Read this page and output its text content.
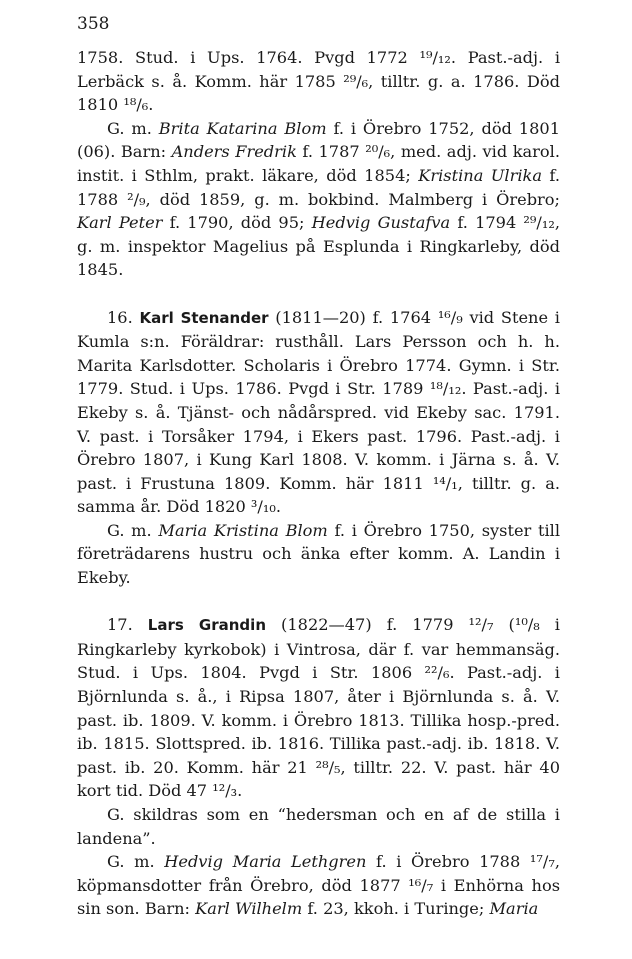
358

1758. Stud. i Ups. 1764. Pvgd 1772 ¹⁹/₁₂. Past.-adj. i Lerbäck s. å. Komm. här 1785 ²⁹/₆, tilltr. g. a. 1786. Död 1810 ¹⁸/₆.

G. m. Brita Katarina Blom f. i Örebro 1752, död 1801 (06). Barn: Anders Fredrik f. 1787 ²⁰/₆, med. adj. vid karol. instit. i Sthlm, prakt. läkare, död 1854; Kristina Ulrika f. 1788 ²/₉, död 1859, g. m. bokbind. Malmberg i Örebro; Karl Peter f. 1790, död 95; Hedvig Gustafva f. 1794 ²⁹/₁₂, g. m. inspektor Magelius på Esplunda i Ringkarleby, död 1845.

16. Karl Stenander (1811—20) f. 1764 ¹⁶/₉ vid Stene i Kumla s:n. Föräldrar: rusthåll. Lars Persson och h. h. Marita Karlsdotter. Scholaris i Örebro 1774. Gymn. i Str. 1779. Stud. i Ups. 1786. Pvgd i Str. 1789 ¹⁸/₁₂. Past.-adj. i Ekeby s. å. Tjänst- och nådårspred. vid Ekeby sac. 1791. V. past. i Torsåker 1794, i Ekers past. 1796. Past.-adj. i Örebro 1807, i Kung Karl 1808. V. komm. i Järna s. å. V. past. i Frustuna 1809. Komm. här 1811 ¹⁴/₁, tilltr. g. a. samma år. Död 1820 ³/₁₀.

G. m. Maria Kristina Blom f. i Örebro 1750, syster till företrädarens hustru och änka efter komm. A. Landin i Ekeby.

17. Lars Grandin (1822—47) f. 1779 ¹²/₇ (¹⁰/₈ i Ringkarleby kyrkobok) i Vintrosa, där f. var hemmansäg. Stud. i Ups. 1804. Pvgd i Str. 1806 ²²/₆. Past.-adj. i Björnlunda s. å., i Ripsa 1807, åter i Björnlunda s. å. V. past. ib. 1809. V. komm. i Örebro 1813. Tillika hosp.-pred. ib. 1815. Slottspred. ib. 1816. Tillika past.-adj. ib. 1818. V. past. ib. 20. Komm. här 21 ²⁸/₅, tilltr. 22. V. past. här 40 kort tid. Död 47 ¹²/₃.

G. skildras som en “hedersman och en af de stilla i landena”.

G. m. Hedvig Maria Lethgren f. i Örebro 1788 ¹⁷/₇, köpmansdotter från Örebro, död 1877 ¹⁶/₇ i Enhörna hos sin son. Barn: Karl Wilhelm f. 23, kkoh. i Turinge; Maria
